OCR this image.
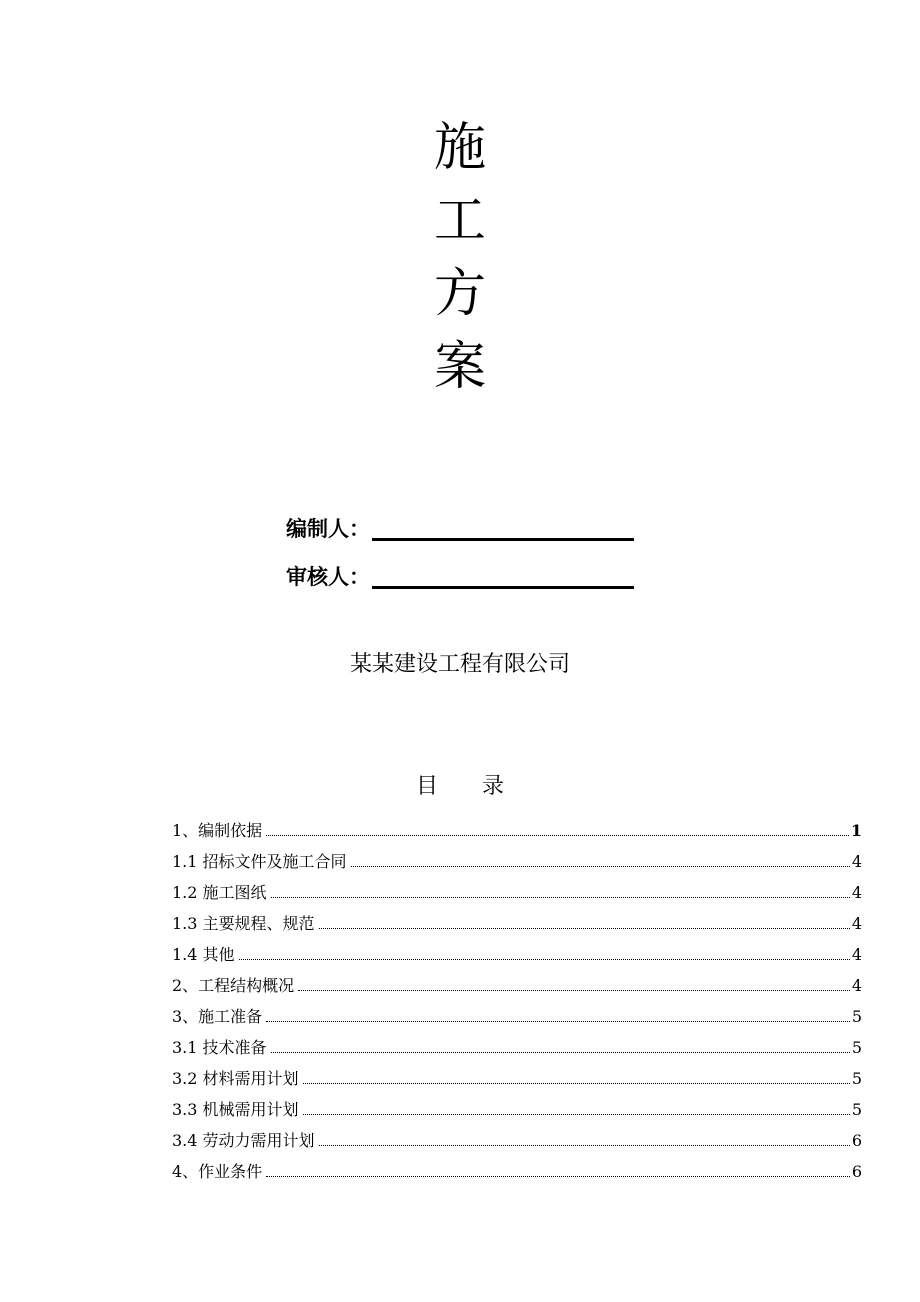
施
工
方
案
编制人：
审核人：
某某建设工程有限公司
目 录
1、编制依据	1
1.1 招标文件及施工合同	4
1.2 施工图纸	4
1.3 主要规程、规范	4
1.4 其他	4
2、工程结构概况	4
3、施工准备	5
3.1 技术准备	5
3.2 材料需用计划	5
3.3 机械需用计划	5
3.4 劳动力需用计划	6
4、作业条件	6
